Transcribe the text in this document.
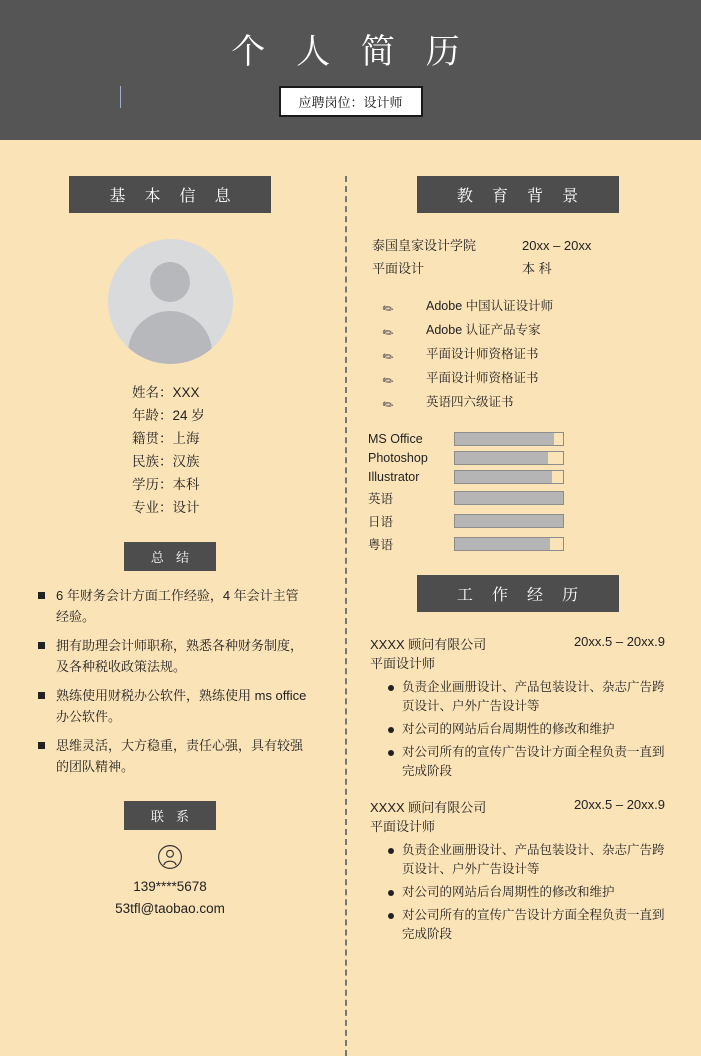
个 人 简 历
应聘岗位：设计师
基 本 信 息
姓名：XXX
年龄：24 岁
籍贯：上海
民族：汉族
学历：本科
专业：设计
总 结
6 年财务会计方面工作经验，4 年会计主管经验。
拥有助理会计师职称，熟悉各种财务制度，及各种税收政策法规。
熟练使用财税办公软件，熟练使用 ms office 办公软件。
思维灵活，大方稳重，责任心强，具有较强的团队精神。
联 系
139****5678
53tfl@taobao.com
教 育 背 景
泰国皇家设计学院	20xx – 20xx
平面设计	本 科
✎	Adobe 中国认证设计师
✎	Adobe 认证产品专家
✎	平面设计师资格证书
✎	平面设计师资格证书
✎	英语四六级证书
MS Office
Photoshop
Illustrator
英语
日语
粤语
工 作 经 历
XXXX 顾问有限公司	20xx.5 – 20xx.9
平面设计师
负责企业画册设计、产品包装设计、杂志广告跨页设计、户外广告设计等
对公司的网站后台周期性的修改和维护
对公司所有的宣传广告设计方面全程负责一直到完成阶段
XXXX 顾问有限公司	20xx.5 – 20xx.9
平面设计师
负责企业画册设计、产品包装设计、杂志广告跨页设计、户外广告设计等
对公司的网站后台周期性的修改和维护
对公司所有的宣传广告设计方面全程负责一直到完成阶段
